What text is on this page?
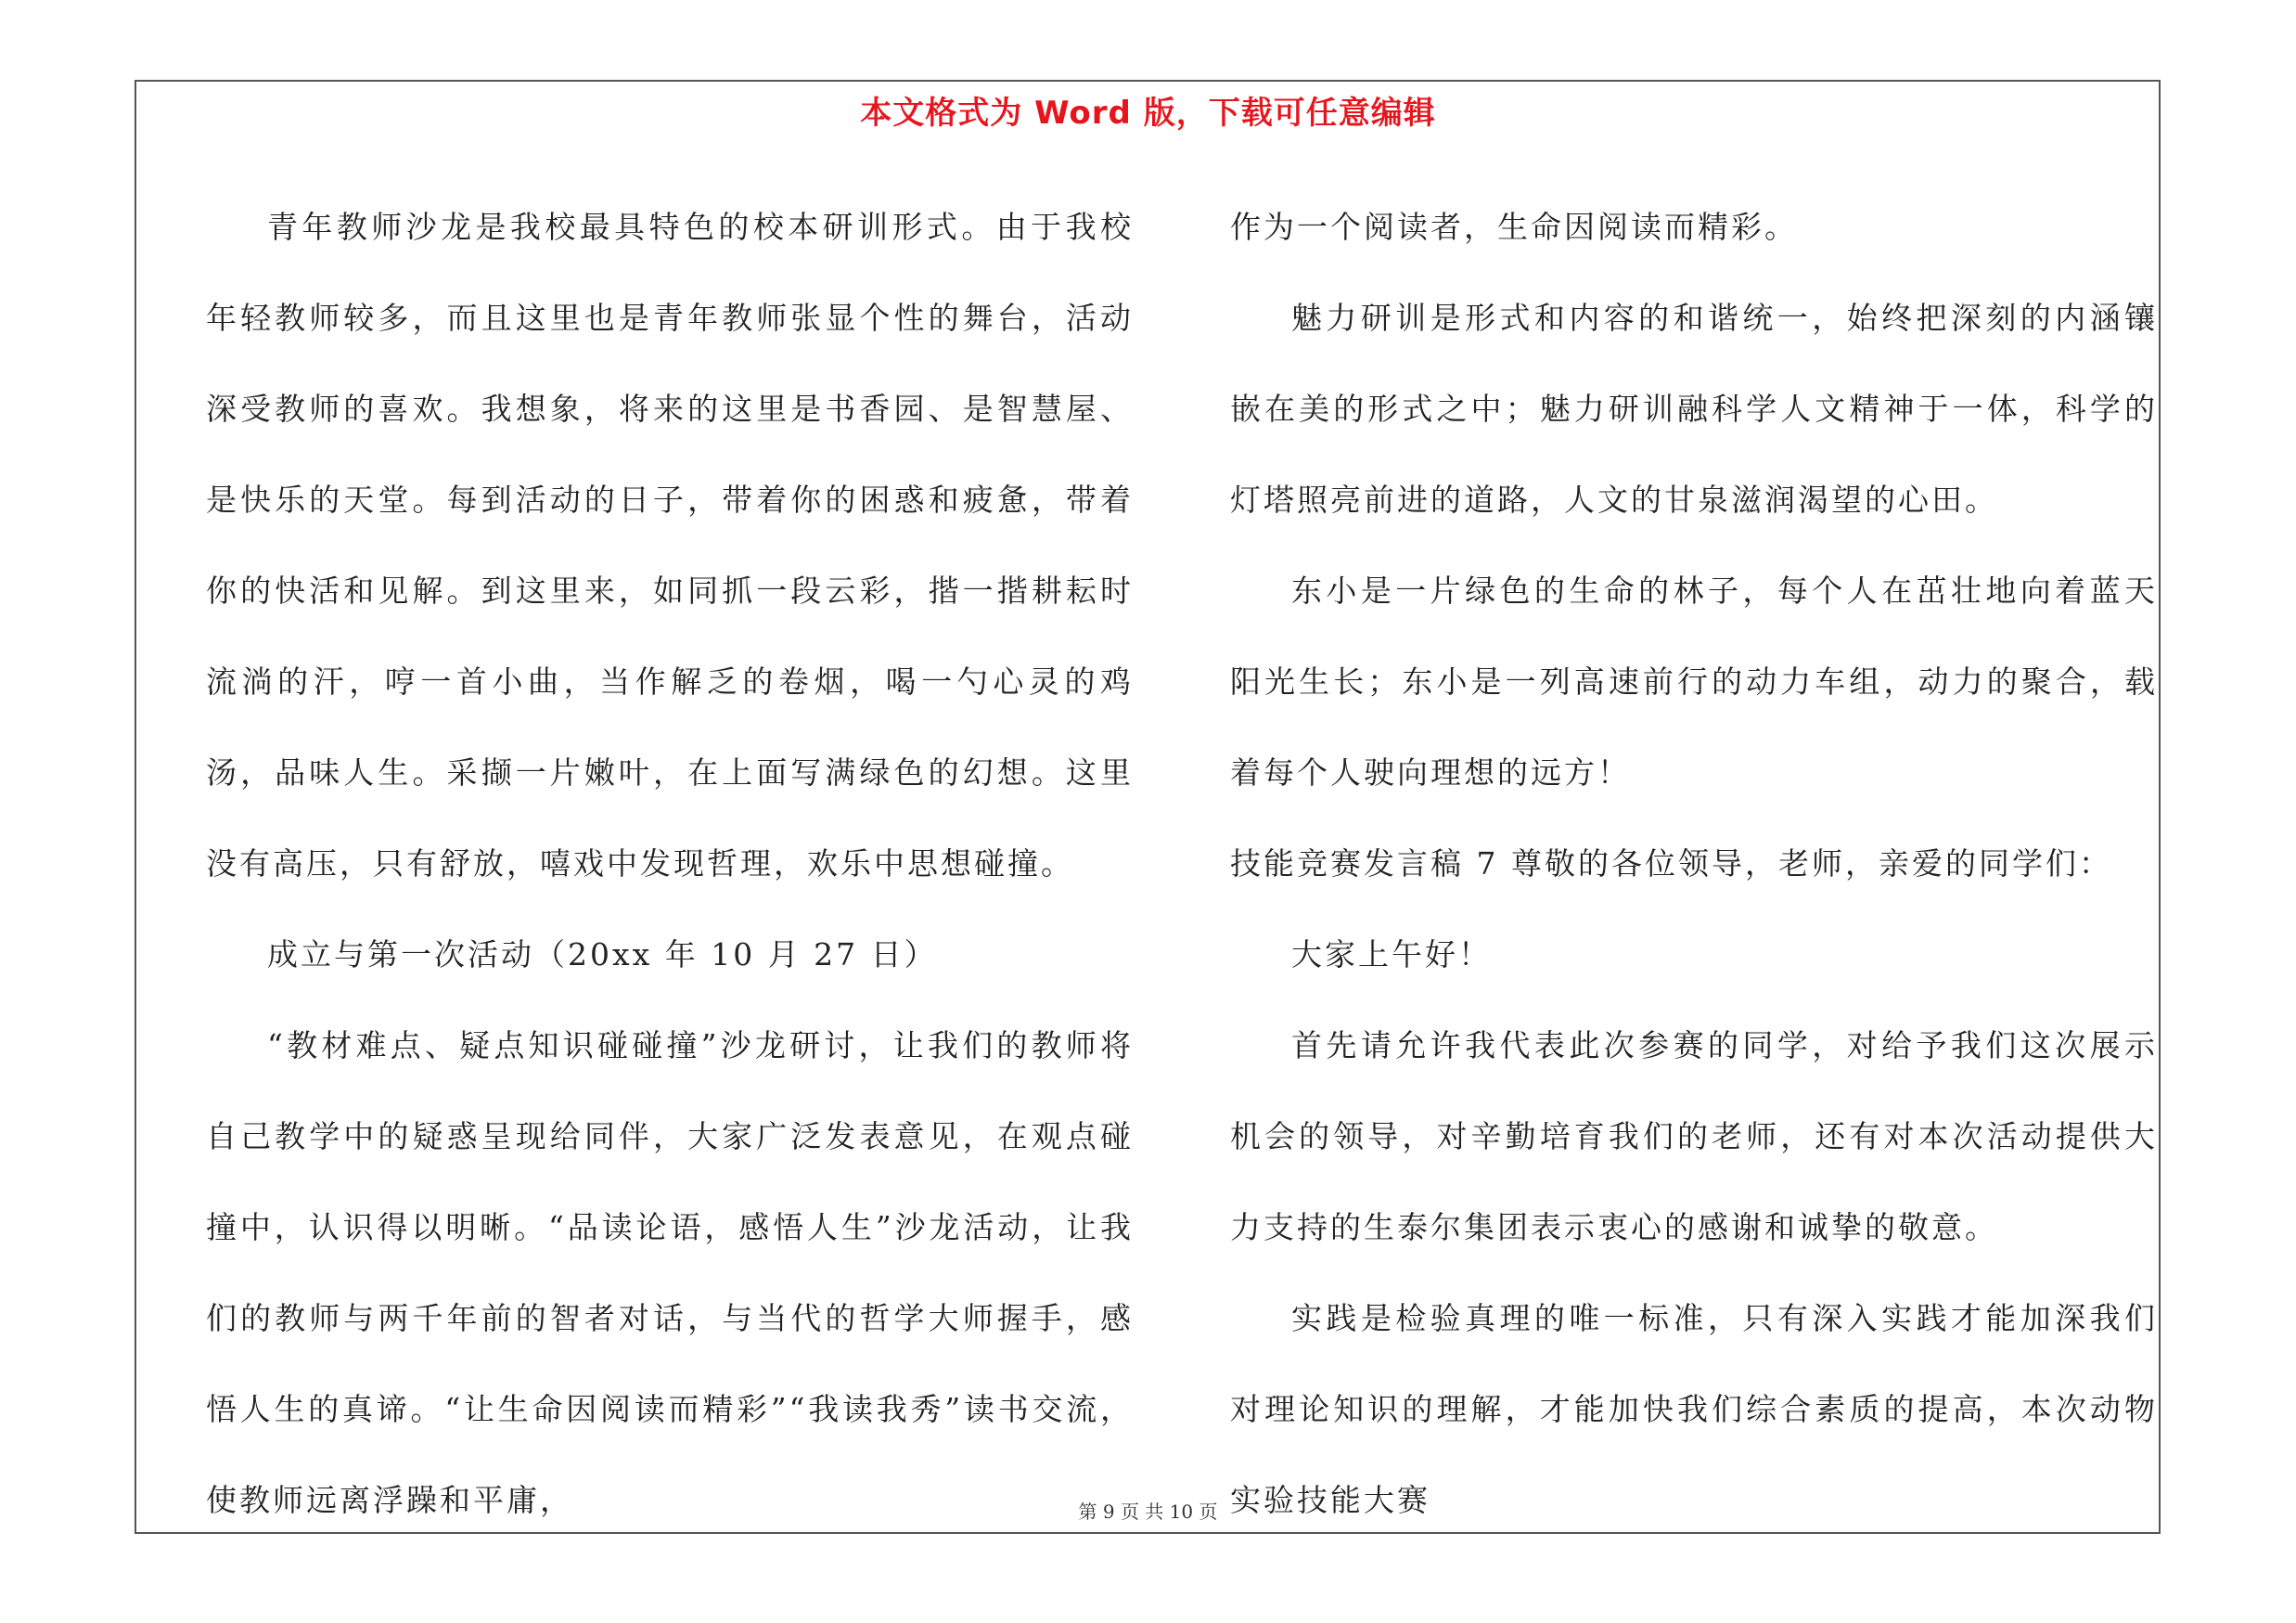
本文格式为 Word 版，下载可任意编辑

青年教师沙龙是我校最具特色的校本研训形式。由于我校年轻教师较多，而且这里也是青年教师张显个性的舞台，活动深受教师的喜欢。我想象，将来的这里是书香园、是智慧屋、是快乐的天堂。每到活动的日子，带着你的困惑和疲惫，带着你的快活和见解。到这里来，如同抓一段云彩，揩一揩耕耘时流淌的汗，哼一首小曲，当作解乏的卷烟，喝一勺心灵的鸡汤，品味人生。采撷一片嫩叶，在上面写满绿色的幻想。这里没有高压，只有舒放，嘻戏中发现哲理，欢乐中思想碰撞。

成立与第一次活动（20xx 年 10 月 27 日）

“教材难点、疑点知识碰碰撞”沙龙研讨，让我们的教师将自己教学中的疑惑呈现给同伴，大家广泛发表意见，在观点碰撞中，认识得以明晰。“品读论语，感悟人生”沙龙活动，让我们的教师与两千年前的智者对话，与当代的哲学大师握手，感悟人生的真谛。“让生命因阅读而精彩”“我读我秀”读书交流，使教师远离浮躁和平庸，

作为一个阅读者，生命因阅读而精彩。

魅力研训是形式和内容的和谐统一，始终把深刻的内涵镶嵌在美的形式之中；魅力研训融科学人文精神于一体，科学的灯塔照亮前进的道路，人文的甘泉滋润渴望的心田。

东小是一片绿色的生命的林子，每个人在茁壮地向着蓝天阳光生长；东小是一列高速前行的动力车组，动力的聚合，载着每个人驶向理想的远方！

技能竞赛发言稿 7 尊敬的各位领导，老师，亲爱的同学们：

大家上午好！

首先请允许我代表此次参赛的同学，对给予我们这次展示机会的领导，对辛勤培育我们的老师，还有对本次活动提供大力支持的生泰尔集团表示衷心的感谢和诚挚的敬意。

实践是检验真理的唯一标准，只有深入实践才能加深我们对理论知识的理解，才能加快我们综合素质的提高，本次动物实验技能大赛

第 9 页 共 10 页
